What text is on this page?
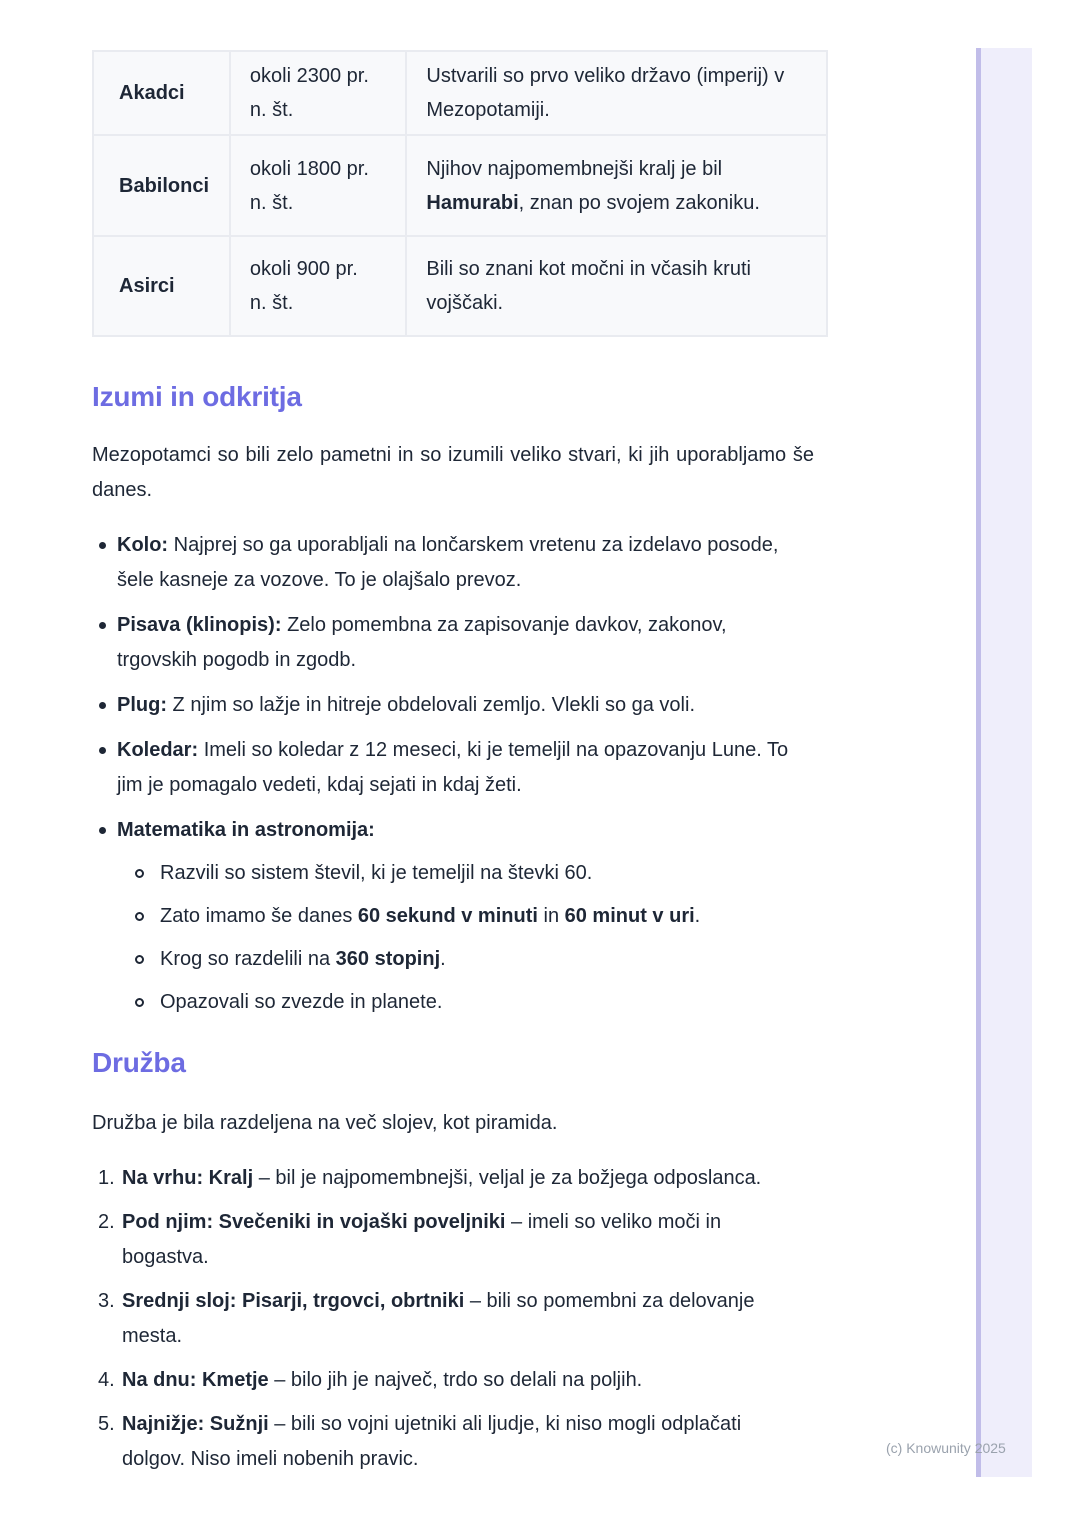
Akadci	okoli 2300 pr. n. št.	Ustvarili so prvo veliko državo (imperij) v Mezopotamiji.
Babilonci	okoli 1800 pr. n. št.	Njihov najpomembnejši kralj je bil Hamurabi, znan po svojem zakoniku.
Asirci	okoli 900 pr. n. št.	Bili so znani kot močni in včasih kruti vojščaki.
Izumi in odkritja

Mezopotamci so bili zelo pametni in so izumili veliko stvari, ki jih uporabljamo še danes.

Kolo: Najprej so ga uporabljali na lončarskem vretenu za izdelavo posode, šele kasneje za vozove. To je olajšalo prevoz.
Pisava (klinopis): Zelo pomembna za zapisovanje davkov, zakonov, trgovskih pogodb in zgodb.
Plug: Z njim so lažje in hitreje obdelovali zemljo. Vlekli so ga voli.
Koledar: Imeli so koledar z 12 meseci, ki je temeljil na opazovanju Lune. To jim je pomagalo vedeti, kdaj sejati in kdaj žeti.
Matematika in astronomija:
Razvili so sistem števil, ki je temeljil na števki 60.
Zato imamo še danes 60 sekund v minuti in 60 minut v uri.
Krog so razdelili na 360 stopinj.
Opazovali so zvezde in planete.
Družba

Družba je bila razdeljena na več slojev, kot piramida.

1. Na vrhu: Kralj – bil je najpomembnejši, veljal je za božjega odposlanca.
2. Pod njim: Svečeniki in vojaški poveljniki – imeli so veliko moči in bogastva.
3. Srednji sloj: Pisarji, trgovci, obrtniki – bili so pomembni za delovanje mesta.
4. Na dnu: Kmetje – bilo jih je največ, trdo so delali na poljih.
5. Najnižje: Sužnji – bili so vojni ujetniki ali ljudje, ki niso mogli odplačati dolgov. Niso imeli nobenih pravic.	(c) Knowunity 2025
